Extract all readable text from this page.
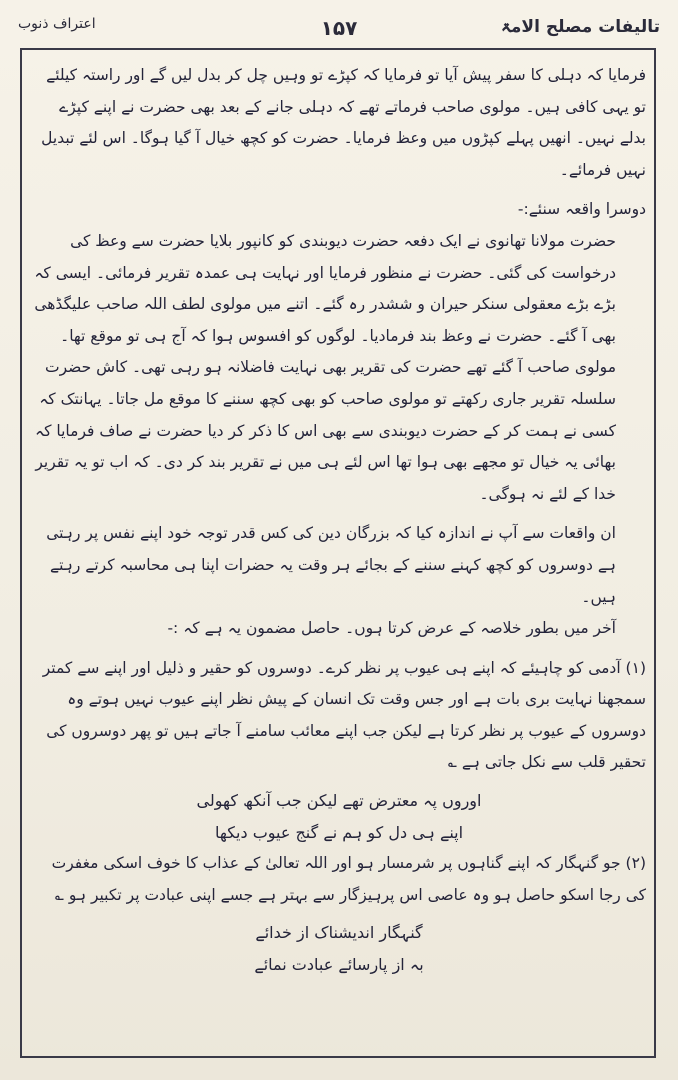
تالیفات مصلح الامۃ
۱۵۷
اعتراف ذنوب

فرمایا کہ دہلی کا سفر پیش آیا تو فرمایا کہ کپڑے تو وہیں چل کر بدل لیں گے اور راستہ کیلئے تو یہی کافی ہیں۔ مولوی صاحب فرماتے تھے کہ دہلی جانے کے بعد بھی حضرت نے اپنے کپڑے بدلے نہیں۔ انھیں پہلے کپڑوں میں وعظ فرمایا۔ حضرت کو کچھ خیال آ گیا ہوگا۔ اس لئے تبدیل نہیں فرمائے۔

دوسرا واقعہ سنئے:-

حضرت مولانا تھانوی نے ایک دفعہ حضرت دیوبندی کو کانپور بلایا حضرت سے وعظ کی درخواست کی گئی۔ حضرت نے منظور فرمایا اور نہایت ہی عمدہ تقریر فرمائی۔ ایسی کہ بڑے بڑے معقولی سنکر حیران و ششدر رہ گئے۔ اتنے میں مولوی لطف اللہ صاحب علیگڈھی بھی آ گئے۔ حضرت نے وعظ بند فرمادیا۔ لوگوں کو افسوس ہوا کہ آج ہی تو موقع تھا۔ مولوی صاحب آ گئے تھے حضرت کی تقریر بھی نہایت فاضلانہ ہو رہی تھی۔ کاش حضرت سلسلہ تقریر جاری رکھتے تو مولوی صاحب کو بھی کچھ سننے کا موقع مل جاتا۔ یہانتک کہ کسی نے ہمت کر کے حضرت دیوبندی سے بھی اس کا ذکر کر دیا حضرت نے صاف فرمایا کہ بھائی یہ خیال تو مجھے بھی ہوا تھا اس لئے ہی میں نے تقریر بند کر دی۔ کہ اب تو یہ تقریر خدا کے لئے نہ ہوگی۔

ان واقعات سے آپ نے اندازہ کیا کہ بزرگان دین کی کس قدر توجہ خود اپنے نفس پر رہتی ہے دوسروں کو کچھ کہنے سننے کے بجائے ہر وقت یہ حضرات اپنا ہی محاسبہ کرتے رہتے ہیں۔

آخر میں بطور خلاصہ کے عرض کرتا ہوں۔ حاصل مضمون یہ ہے کہ :-

(۱) آدمی کو چاہیئے کہ اپنے ہی عیوب پر نظر کرے۔ دوسروں کو حقیر و ذلیل اور اپنے سے کمتر سمجھنا نہایت بری بات ہے اور جس وقت تک انسان کے پیش نظر اپنے عیوب نہیں ہوتے وہ دوسروں کے عیوب پر نظر کرتا ہے لیکن جب اپنے معائب سامنے آ جاتے ہیں تو پھر دوسروں کی تحقیر قلب سے نکل جاتی ہے ؎

اوروں پہ معترض تھے لیکن جب آنکھ کھولی

اپنے ہی دل کو ہم نے گنج عیوب دیکھا

(۲) جو گنہگار کہ اپنے گناہوں پر شرمسار ہو اور اللہ تعالیٰ کے عذاب کا خوف اسکی مغفرت کی رجا اسکو حاصل ہو وہ عاصی اس پرہیزگار سے بہتر ہے جسے اپنی عبادت پر تکبیر ہو ؎

گنہگار اندیشناک از خدائے

بہ از پارسائے عبادت نمائے
